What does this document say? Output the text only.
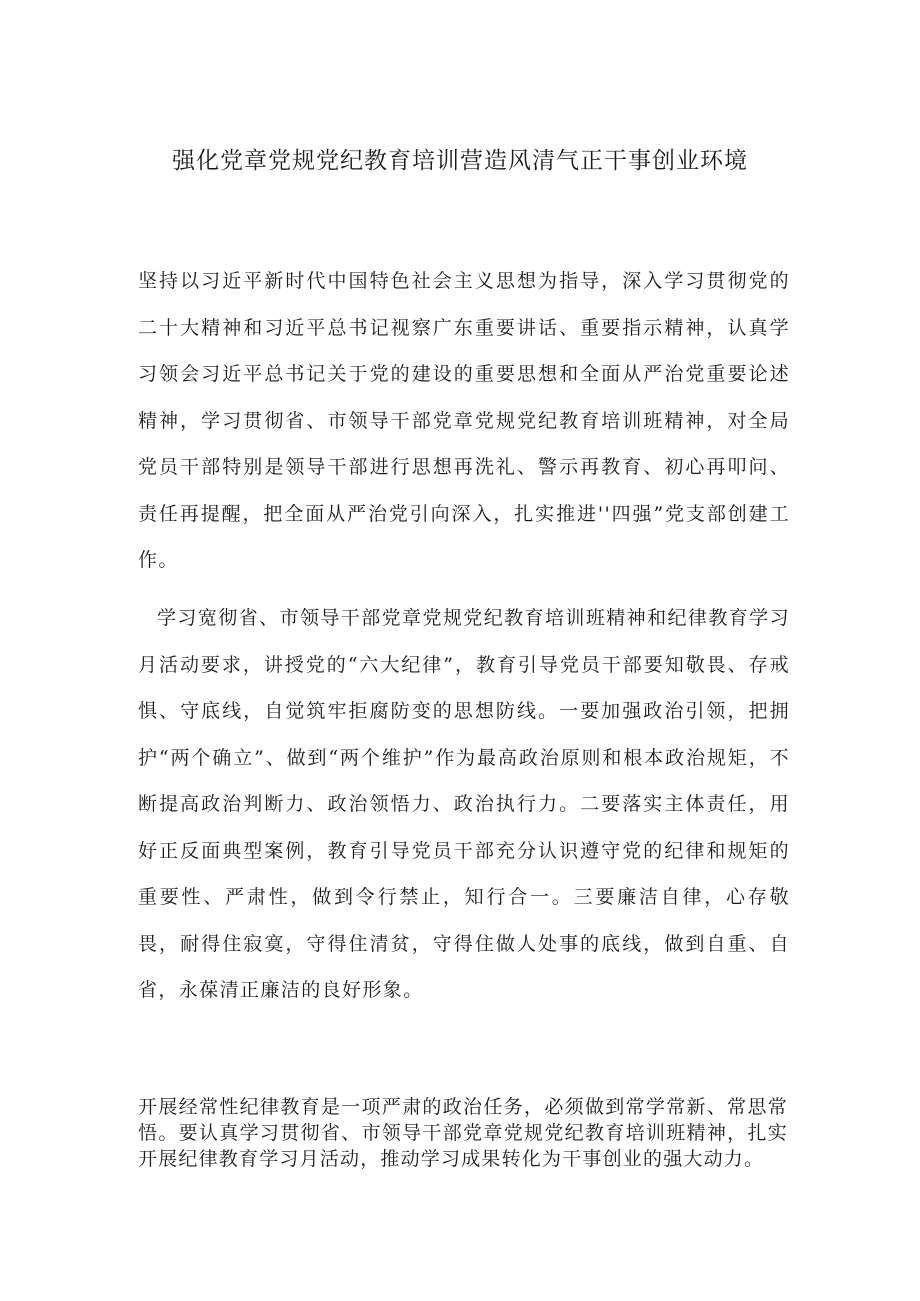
强化党章党规党纪教育培训营造风清气正干事创业环境

坚持以习近平新时代中国特色社会主义思想为指导，深入学习贯彻党的二十大精神和习近平总书记视察广东重要讲话、重要指示精神，认真学习领会习近平总书记关于党的建设的重要思想和全面从严治党重要论述精神，学习贯彻省、市领导干部党章党规党纪教育培训班精神，对全局党员干部特别是领导干部进行思想再洗礼、警示再教育、初心再叩问、责任再提醒，把全面从严治党引向深入，扎实推进''四强”党支部创建工作。

学习宽彻省、市领导干部党章党规党纪教育培训班精神和纪律教育学习月活动要求，讲授党的“六大纪律”，教育引导党员干部要知敬畏、存戒惧、守底线，自觉筑牢拒腐防变的思想防线。一要加强政治引领，把拥护“两个确立”、做到“两个维护”作为最高政治原则和根本政治规矩，不断提高政治判断力、政治领悟力、政治执行力。二要落实主体责任，用好正反面典型案例，教育引导党员干部充分认识遵守党的纪律和规矩的重要性、严肃性，做到令行禁止，知行合一。三要廉洁自律，心存敬畏，耐得住寂寞，守得住清贫，守得住做人处事的底线，做到自重、自省，永葆清正廉洁的良好形象。

开展经常性纪律教育是一项严肃的政治任务，必须做到常学常新、常思常悟。要认真学习贯彻省、市领导干部党章党规党纪教育培训班精神，扎实开展纪律教育学习月活动，推动学习成果转化为干事创业的强大动力。
